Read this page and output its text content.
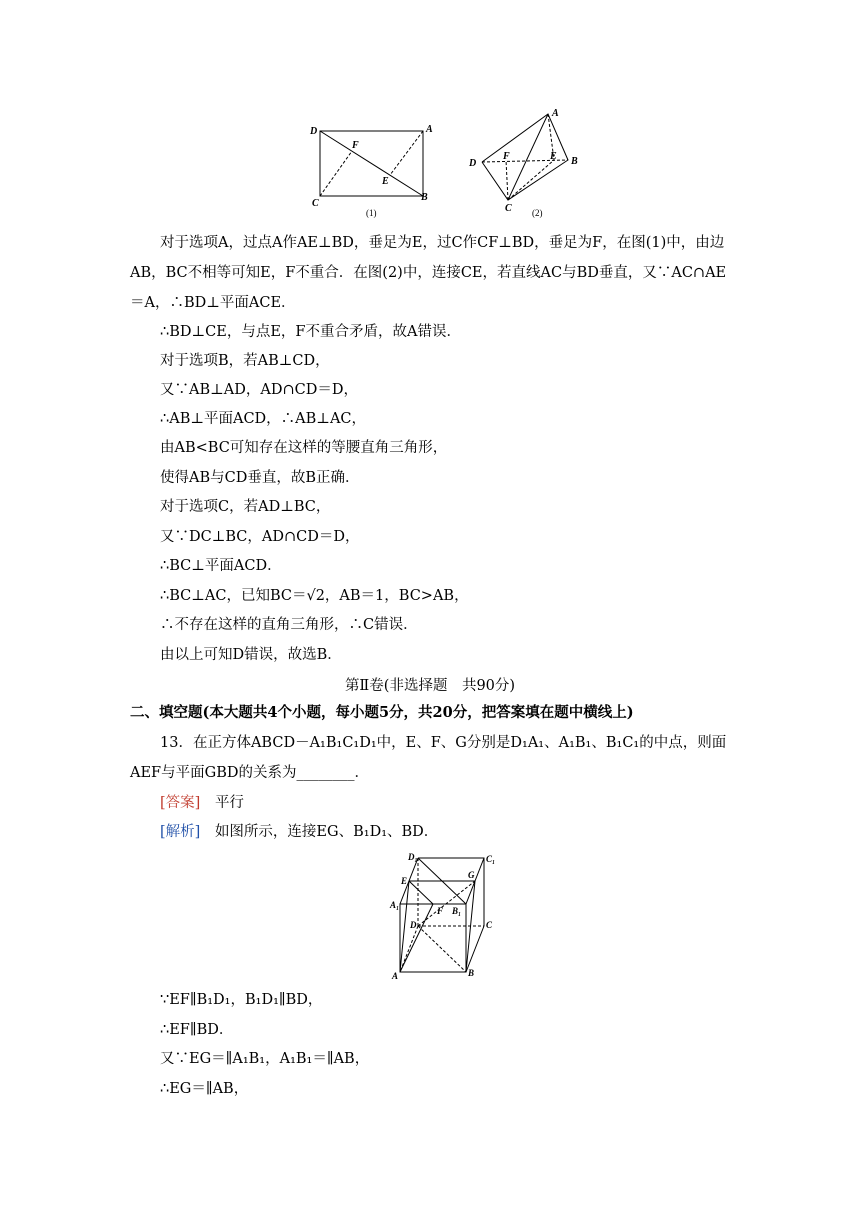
D	A
F
E
C
B
(1)
A
D
F	E B
C (2)
对于选项A，过点A作AE⊥BD，垂足为E，过C作CF⊥BD，垂足为F，在图(1)中，由边AB，BC不相等可知E，F不重合．在图(2)中，连接CE，若直线AC与BD垂直，又∵AC∩AE＝A，∴BD⊥平面ACE．
∴BD⊥CE，与点E，F不重合矛盾，故A错误．
对于选项B，若AB⊥CD，
又∵AB⊥AD，AD∩CD＝D，
∴AB⊥平面ACD，∴AB⊥AC，
由AB<BC可知存在这样的等腰直角三角形，
使得AB与CD垂直，故B正确．
对于选项C，若AD⊥BC，
又∵DC⊥BC，AD∩CD＝D，
∴BC⊥平面ACD．
∴BC⊥AC，已知BC＝√2，AB＝1，BC>AB，
∴不存在这样的直角三角形，∴C错误．
由以上可知D错误，故选B．
第Ⅱ卷(非选择题　共90分)
二、填空题(本大题共4个小题，每小题5分，共20分，把答案填在题中横线上)
13．在正方体ABCD－A₁B₁C₁D₁中，E、F、G分别是D₁A₁、A₁B₁、B₁C₁的中点，则面AEF与平面GBD的关系为________．
[答案] 平行
[解析] 如图所示，连接EG、B₁D₁、BD．
D₁	C₁
E
G
A₁
F B₁
D	C
A	B
∵EF∥B₁D₁，B₁D₁∥BD，
∴EF∥BD．
又∵EG＝∥A₁B₁，A₁B₁＝∥AB，
∴EG＝∥AB，
